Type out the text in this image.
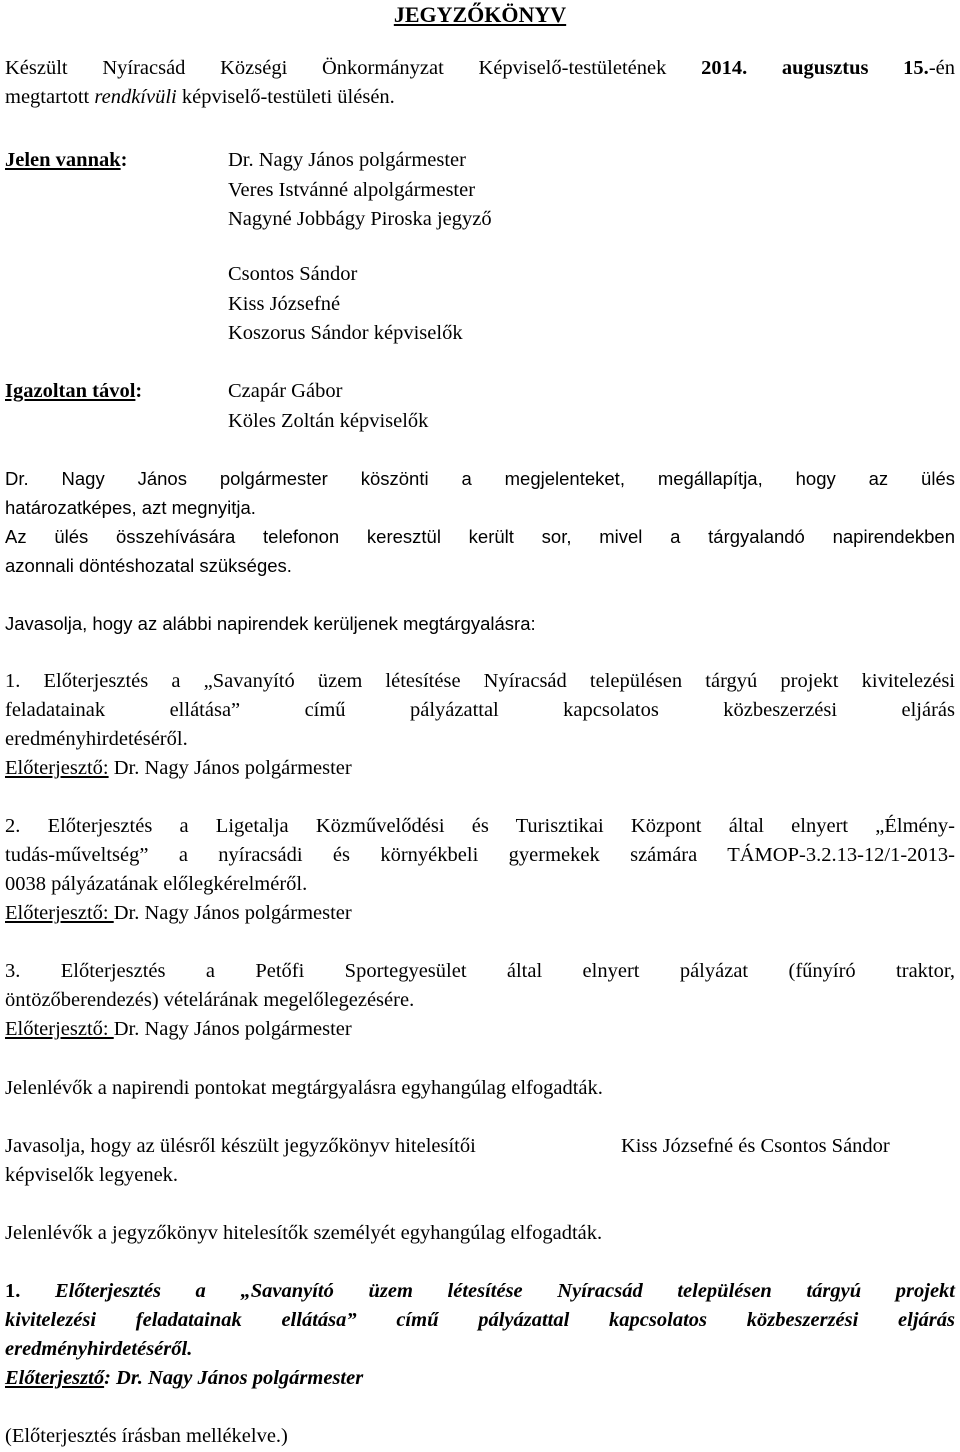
JEGYZŐKÖNYV
Készült Nyíracsád Községi Önkormányzat Képviselő-testületének 2014. augusztus 15.-én
megtartott rendkívüli képviselő-testületi ülésén.
Jelen vannak:	Dr. Nagy János polgármester
Veres Istvánné alpolgármester
Nagyné Jobbágy Piroska jegyző
Csontos Sándor
Kiss Józsefné
Koszorus Sándor képviselők
Igazoltan távol:	Czapár Gábor
Köles Zoltán képviselők
Dr. Nagy János polgármester köszönti a megjelenteket, megállapítja, hogy az ülés
határozatképes, azt megnyitja.
Az ülés összehívására telefonon keresztül került sor, mivel a tárgyalandó napirendekben
azonnali döntéshozatal szükséges.
Javasolja, hogy az alábbi napirendek kerüljenek megtárgyalásra:
1. Előterjesztés a „Savanyító üzem létesítése Nyíracsád településen tárgyú projekt kivitelezési
feladatainak ellátása” című pályázattal kapcsolatos közbeszerzési eljárás
eredményhirdetéséről.
Előterjesztő: Dr. Nagy János polgármester
2. Előterjesztés a Ligetalja Közművelődési és Turisztikai Központ által elnyert „Élmény-
tudás-műveltség” a nyíracsádi és környékbeli gyermekek számára TÁMOP-3.2.13-12/1-2013-
0038 pályázatának előlegkérelméről.
Előterjesztő: Dr. Nagy János polgármester
3. Előterjesztés a Petőfi Sportegyesület által elnyert pályázat (fűnyíró traktor,
öntözőberendezés) vételárának megelőlegezésére.
Előterjesztő: Dr. Nagy János polgármester
Jelenlévők a napirendi pontokat megtárgyalásra egyhangúlag elfogadták.
Javasolja, hogy az ülésről készült jegyzőkönyv hitelesítői	Kiss Józsefné és Csontos Sándor
képviselők legyenek.
Jelenlévők a jegyzőkönyv hitelesítők személyét egyhangúlag elfogadták.
1. Előterjesztés a „Savanyító üzem létesítése Nyíracsád településen tárgyú projekt
kivitelezési feladatainak ellátása” című pályázattal kapcsolatos közbeszerzési eljárás
eredményhirdetéséről.
Előterjesztő: Dr. Nagy János polgármester
(Előterjesztés írásban mellékelve.)
